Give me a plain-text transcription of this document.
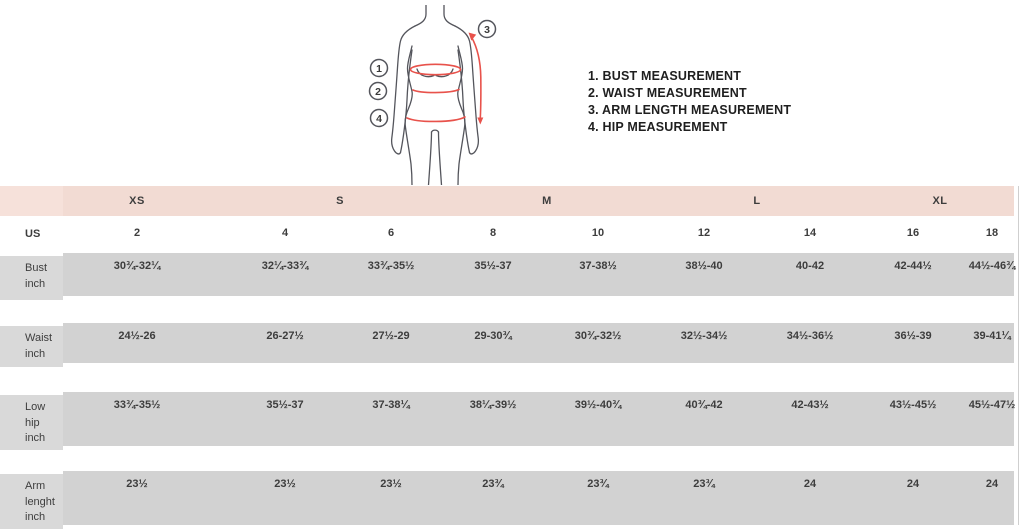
1
2
3
4
1. BUST MEASUREMENT
2. WAIST MEASUREMENT
3. ARM LENGTH MEASUREMENT
4. HIP MEASUREMENT
XS	S	M	L	XL
US	2	4	6	8	10	12	14	16	18
Bust
inch
30¾-32¼	32¼-33¾	33¾-35½	35½-37	37-38½	38½-40	40-42	42-44½	44½-46¾
Waist
inch
24½-26	26-27½	27½-29	29-30¾	30¾-32½	32½-34½	34½-36½	36½-39	39-41¼
Low
hip
inch
33¾-35½	35½-37	37-38¼	38¼-39½	39½-40¾	40¾-42	42-43½	43½-45½	45½-47½
Arm
lenght
inch
23½	23½	23½	23¾	23¾	23¾	24	24	24
